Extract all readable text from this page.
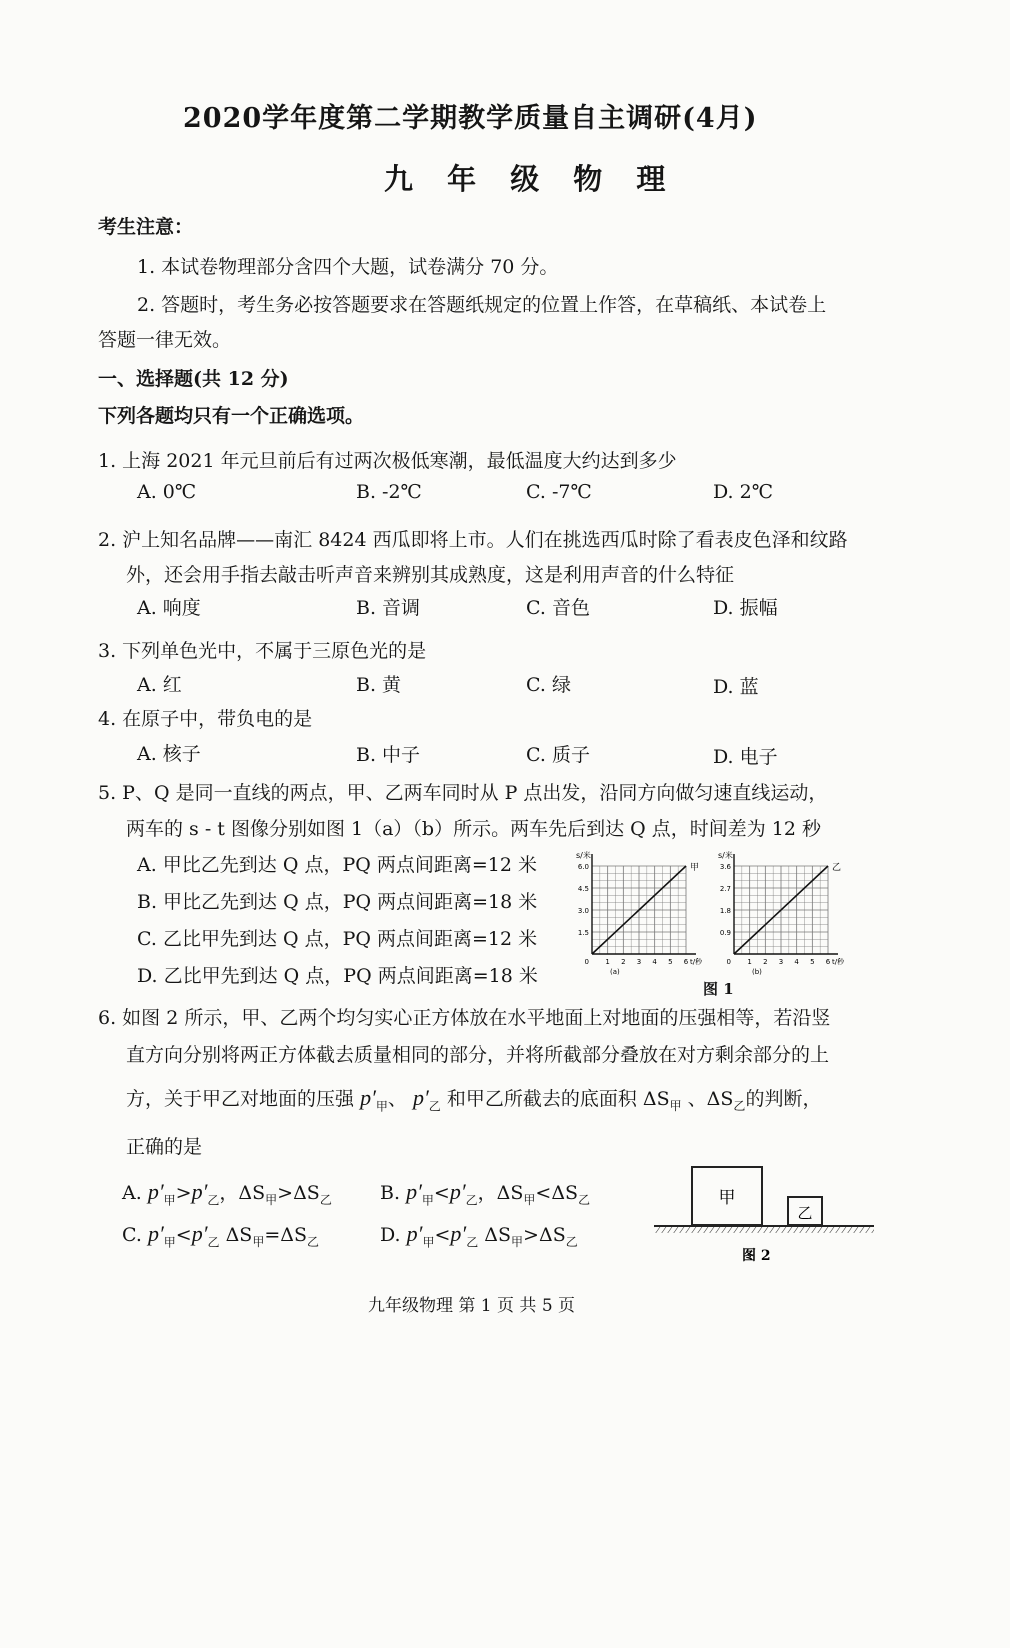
2020学年度第二学期教学质量自主调研(4月)
九 年 级 物 理
考生注意：
1. 本试卷物理部分含四个大题，试卷满分 70 分。
2. 答题时，考生务必按答题要求在答题纸规定的位置上作答，在草稿纸、本试卷上
答题一律无效。
一、选择题(共 12 分)
下列各题均只有一个正确选项。
1. 上海 2021 年元旦前后有过两次极低寒潮，最低温度大约达到多少
A. 0℃	B. -2℃	C. -7℃	D. 2℃
2. 沪上知名品牌——南汇 8424 西瓜即将上市。人们在挑选西瓜时除了看表皮色泽和纹路
外，还会用手指去敲击听声音来辨别其成熟度，这是利用声音的什么特征
A. 响度	B. 音调	C. 音色	D. 振幅
3. 下列单色光中，不属于三原色光的是
A. 红	B. 黄	C. 绿	D. 蓝
4. 在原子中，带负电的是
A. 核子	B. 中子	C. 质子	D. 电子
5. P、Q 是同一直线的两点，甲、乙两车同时从 P 点出发，沿同方向做匀速直线运动，
两车的 s - t 图像分别如图 1（a）（b）所示。两车先后到达 Q 点，时间差为 12 秒
A. 甲比乙先到达 Q 点，PQ 两点间距离=12 米
B. 甲比乙先到达 Q 点，PQ 两点间距离=18 米
C. 乙比甲先到达 Q 点，PQ 两点间距离=12 米
D. 乙比甲先到达 Q 点，PQ 两点间距离=18 米
1.5
3.0
4.5
6.0
1 2 3 4 5 6
0
s/米
t/秒
甲
(a)
0.9
1.8
2.7
3.6
1 2 3 4 5 6
0
s/米
t/秒
乙
(b)
图 1
6. 如图 2 所示，甲、乙两个均匀实心正方体放在水平地面上对地面的压强相等，若沿竖
直方向分别将两正方体截去质量相同的部分，并将所截部分叠放在对方剩余部分的上
方，关于甲乙对地面的压强 $p'_甲$、 $p'_乙$ 和甲乙所截去的底面积 $\Delta S_甲$ 、$\Delta S_乙$的判断，
正确的是
A. $p'_甲>p'_乙$，$\Delta S_甲>\Delta S_乙$	B. $p'_甲<p'_乙$，$\Delta S_甲<\Delta S_乙$
C. $p'_甲<p'_乙$ $\Delta S_甲=\Delta S_乙$	D. $p'_甲<p'_乙$ $\Delta S_甲>\Delta S_乙$
甲
乙
图 2
九年级物理 第 1 页 共 5 页
